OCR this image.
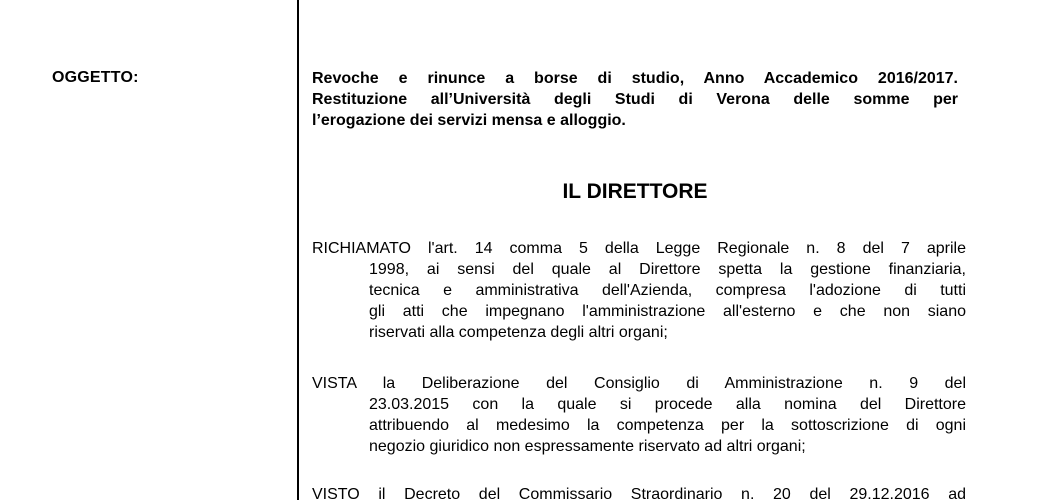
OGGETTO:	Revoche e rinunce a borse di studio, Anno Accademico 2016/2017.
Restituzione all’Università degli Studi di Verona delle somme per
l’erogazione dei servizi mensa e alloggio.
IL DIRETTORE
RICHIAMATO l'art. 14 comma 5 della Legge Regionale n. 8 del 7 aprile
1998, ai sensi del quale al Direttore spetta la gestione finanziaria,
tecnica e amministrativa dell'Azienda, compresa l'adozione di tutti
gli atti che impegnano l'amministrazione all'esterno e che non siano
riservati alla competenza degli altri organi;
VISTA la Deliberazione del Consiglio di Amministrazione n. 9 del
23.03.2015 con la quale si procede alla nomina del Direttore
attribuendo al medesimo la competenza per la sottoscrizione di ogni
negozio giuridico non espressamente riservato ad altri organi;
VISTO il Decreto del Commissario Straordinario n. 20 del 29.12.2016 ad
